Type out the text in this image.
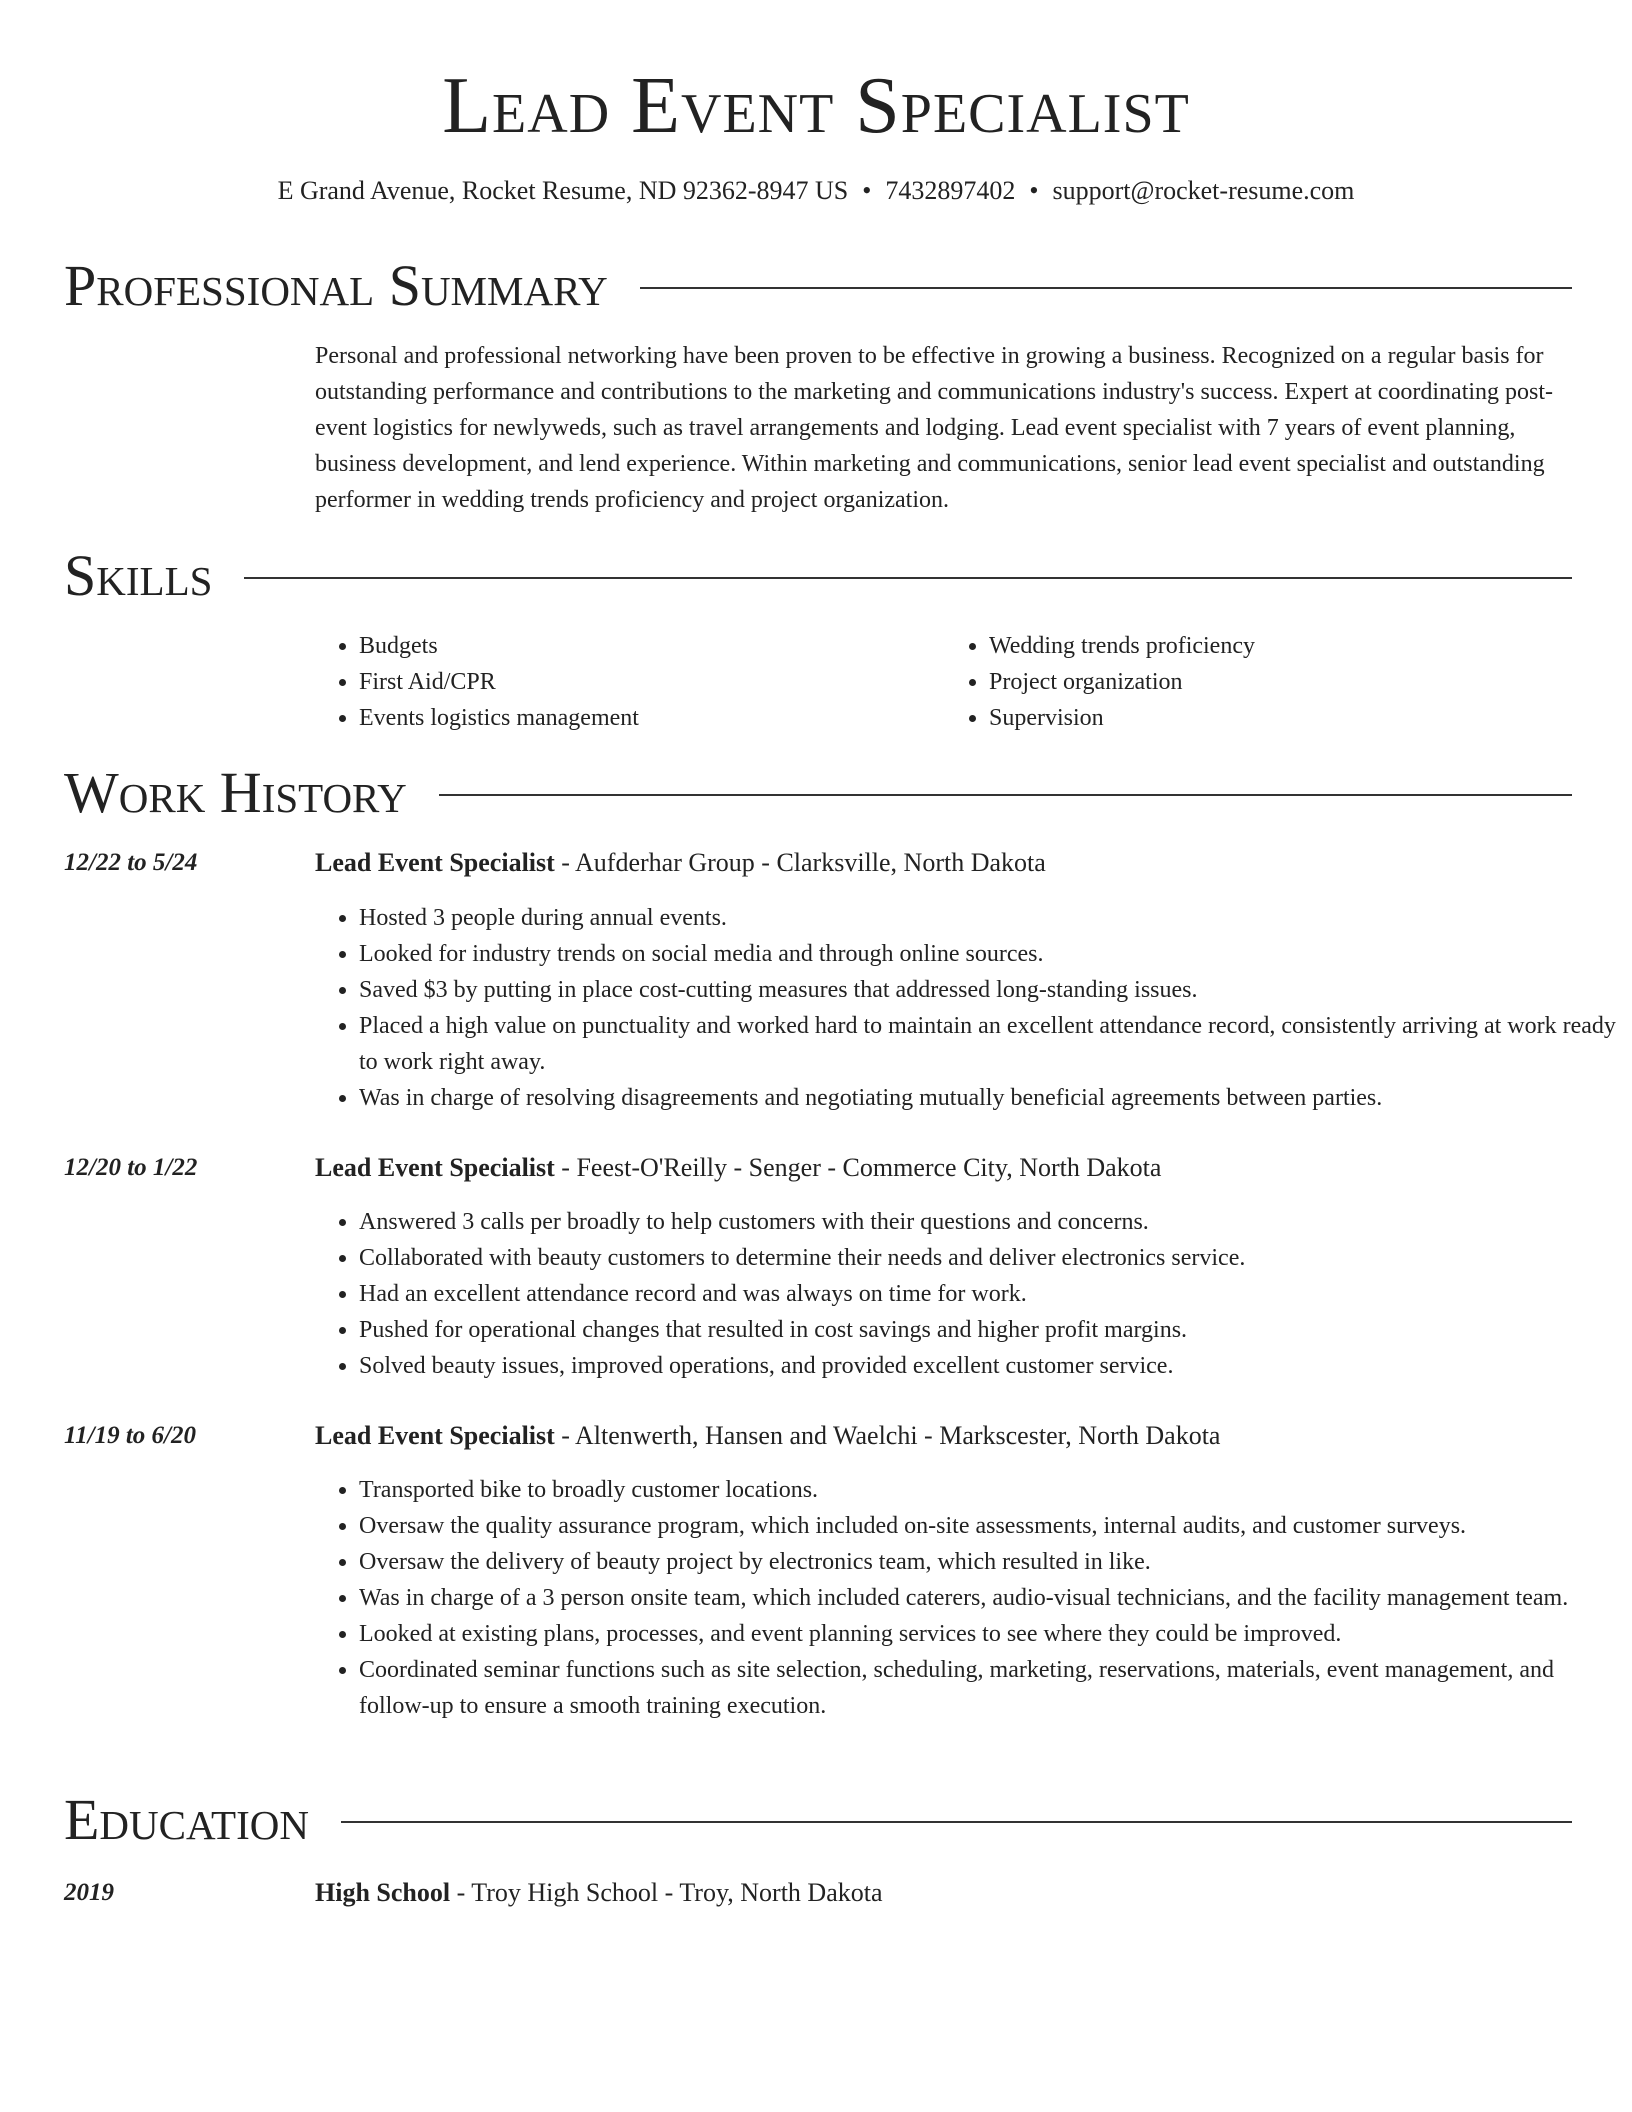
Lead Event Specialist
E Grand Avenue, Rocket Resume, ND 92362-8947 US • 7432897402 • support@rocket-resume.com
Professional Summary

Personal and professional networking have been proven to be effective in growing a business. Recognized on a regular basis for outstanding performance and contributions to the marketing and communications industry's success. Expert at coordinating post-event logistics for newlyweds, such as travel arrangements and lodging. Lead event specialist with 7 years of event planning, business development, and lend experience. Within marketing and communications, senior lead event specialist and outstanding performer in wedding trends proficiency and project organization.

Skills
• Budgets
• First Aid/CPR
• Events logistics management
• Wedding trends proficiency
• Project organization
• Supervision
Work History
12/22 to 5/24	Lead Event Specialist - Aufderhar Group - Clarksville, North Dakota
• Hosted 3 people during annual events.
• Looked for industry trends on social media and through online sources.
• Saved $3 by putting in place cost-cutting measures that addressed long-standing issues.
• Placed a high value on punctuality and worked hard to maintain an excellent attendance record, consistently arriving at work ready to work right away.
• Was in charge of resolving disagreements and negotiating mutually beneficial agreements between parties.
12/20 to 1/22	Lead Event Specialist - Feest-O'Reilly - Senger - Commerce City, North Dakota
• Answered 3 calls per broadly to help customers with their questions and concerns.
• Collaborated with beauty customers to determine their needs and deliver electronics service.
• Had an excellent attendance record and was always on time for work.
• Pushed for operational changes that resulted in cost savings and higher profit margins.
• Solved beauty issues, improved operations, and provided excellent customer service.
11/19 to 6/20	Lead Event Specialist - Altenwerth, Hansen and Waelchi - Markscester, North Dakota
• Transported bike to broadly customer locations.
• Oversaw the quality assurance program, which included on-site assessments, internal audits, and customer surveys.
• Oversaw the delivery of beauty project by electronics team, which resulted in like.
• Was in charge of a 3 person onsite team, which included caterers, audio-visual technicians, and the facility management team.
• Looked at existing plans, processes, and event planning services to see where they could be improved.
• Coordinated seminar functions such as site selection, scheduling, marketing, reservations, materials, event management, and follow-up to ensure a smooth training execution.
Education
2019	High School - Troy High School - Troy, North Dakota
